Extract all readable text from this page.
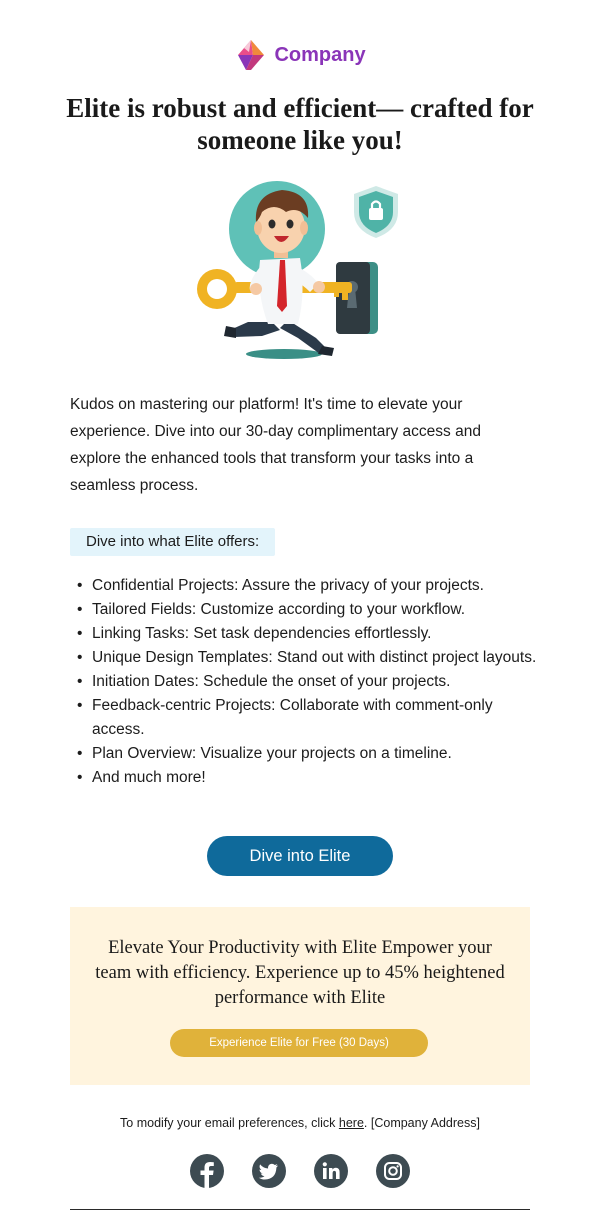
Company
Elite is robust and efficient— crafted for someone like you!

Kudos on mastering our platform! It's time to elevate your experience. Dive into our 30-day complimentary access and explore the enhanced tools that transform your tasks into a seamless process.

Dive into what Elite offers:
• Confidential Projects: Assure the privacy of your projects.
• Tailored Fields: Customize according to your workflow.
• Linking Tasks: Set task dependencies effortlessly.
• Unique Design Templates: Stand out with distinct project layouts.
• Initiation Dates: Schedule the onset of your projects.
• Feedback-centric Projects: Collaborate with comment-only access.
• Plan Overview: Visualize your projects on a timeline.
• And much more!
Dive into Elite

Elevate Your Productivity with Elite Empower your team with efficiency. Experience up to 45% heightened performance with Elite

Experience Elite for Free (30 Days)

To modify your email preferences, click here. [Company Address]
